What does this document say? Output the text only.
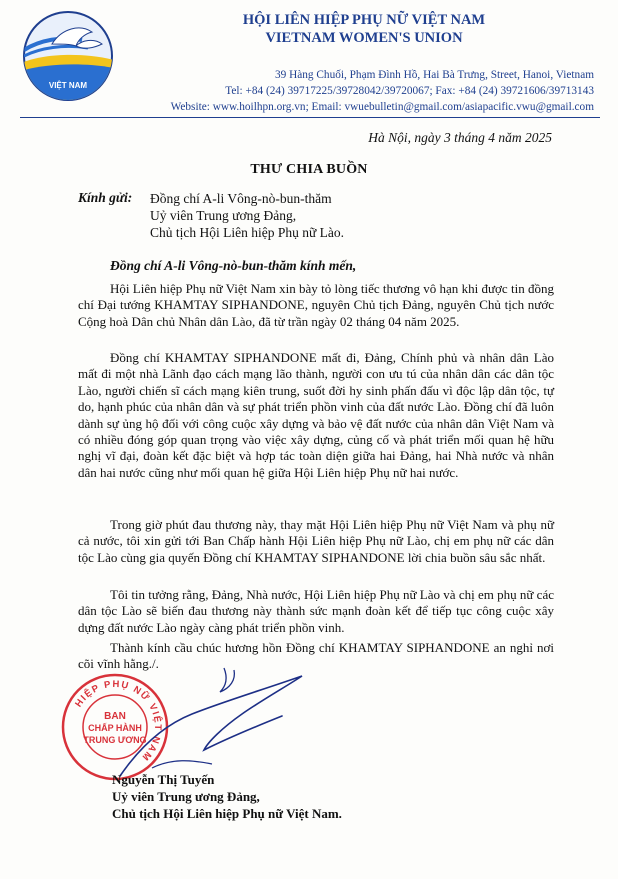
VIỆT NAM
HỘI LIÊN HIỆP PHỤ NỮ VIỆT NAM
VIETNAM WOMEN'S UNION
39 Hàng Chuối, Phạm Đình Hồ, Hai Bà Trưng, Street, Hanoi, Vietnam
Tel: +84 (24) 39717225/39728042/39720067; Fax: +84 (24) 39721606/39713143
Website: www.hoilhpn.org.vn; Email: vwuebulletin@gmail.com/asiapacific.vwu@gmail.com
Hà Nội, ngày 3 tháng 4 năm 2025
THƯ CHIA BUỒN
Kính gửi: Đồng chí A-li Vông-nò-bun-thăm
Uỷ viên Trung ương Đảng,
Chủ tịch Hội Liên hiệp Phụ nữ Lào.
Đồng chí A-li Vông-nò-bun-thăm kính mến,

Hội Liên hiệp Phụ nữ Việt Nam xin bày tỏ lòng tiếc thương vô hạn khi được tin đồng chí Đại tướng KHAMTAY SIPHANDONE, nguyên Chủ tịch Đảng, nguyên Chủ tịch nước Cộng hoà Dân chủ Nhân dân Lào, đã từ trần ngày 02 tháng 04 năm 2025.

Đồng chí KHAMTAY SIPHANDONE mất đi, Đảng, Chính phủ và nhân dân Lào mất đi một nhà Lãnh đạo cách mạng lão thành, người con ưu tú của nhân dân các dân tộc Lào, người chiến sĩ cách mạng kiên trung, suốt đời hy sinh phấn đấu vì độc lập dân tộc, tự do, hạnh phúc của nhân dân và sự phát triển phồn vinh của đất nước Lào. Đồng chí đã luôn dành sự ủng hộ đối với công cuộc xây dựng và bảo vệ đất nước của nhân dân Việt Nam và có nhiều đóng góp quan trọng vào việc xây dựng, củng cố và phát triển mối quan hệ hữu nghị vĩ đại, đoàn kết đặc biệt và hợp tác toàn diện giữa hai Đảng, hai Nhà nước và nhân dân hai nước cũng như mối quan hệ giữa Hội Liên hiệp Phụ nữ hai nước.

Trong giờ phút đau thương này, thay mặt Hội Liên hiệp Phụ nữ Việt Nam và phụ nữ cả nước, tôi xin gửi tới Ban Chấp hành Hội Liên hiệp Phụ nữ Lào, chị em phụ nữ các dân tộc Lào cùng gia quyến Đồng chí KHAMTAY SIPHANDONE lời chia buồn sâu sắc nhất.

Tôi tin tưởng rằng, Đảng, Nhà nước, Hội Liên hiệp Phụ nữ Lào và chị em phụ nữ các dân tộc Lào sẽ biến đau thương này thành sức mạnh đoàn kết để tiếp tục công cuộc xây dựng đất nước Lào ngày càng phát triển phồn vinh.

Thành kính cầu chúc hương hồn Đồng chí KHAMTAY SIPHANDONE an nghỉ nơi cõi vĩnh hằng./.

HIỆP PHỤ NỮ VIỆT NAM
BAN
CHẤP HÀNH
TRUNG ƯƠNG
Nguyễn Thị Tuyến
Uỷ viên Trung ương Đảng,
Chủ tịch Hội Liên hiệp Phụ nữ Việt Nam.
